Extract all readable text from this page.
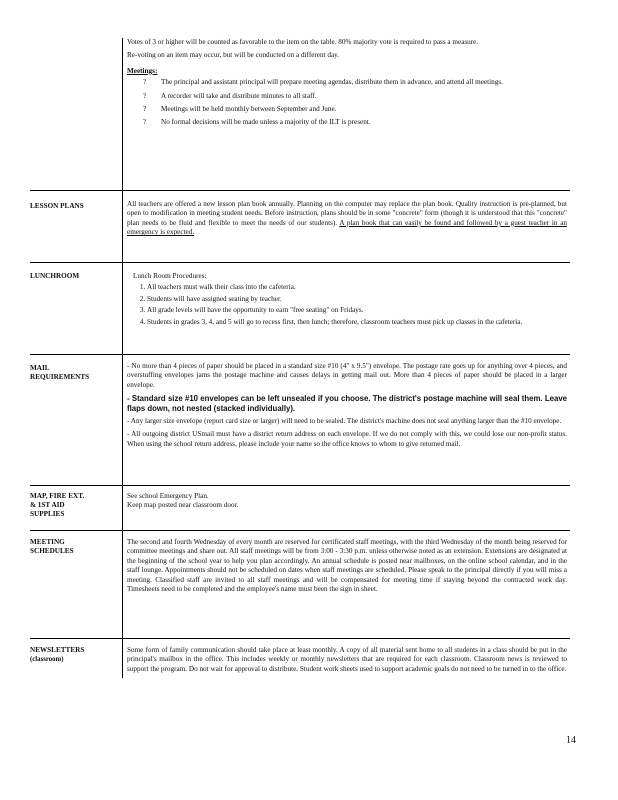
Votes of 3 or higher will be counted as favorable to the item on the table. 80% majority vote is required to pass a measure.

Re-voting on an item may occur, but will be conducted on a different day.

Meetings:
? The principal and assistant principal will prepare meeting agendas, distribute them in advance, and attend all meetings.
? A recorder will take and distribute minutes to all staff.
? Meetings will be held monthly between September and June.
? No formal decisions will be made unless a majority of the ILT is present.
LESSON PLANS	All teachers are offered a new lesson plan book annually. Planning on the computer may replace the plan book. Quality instruction is pre-planned, but open to modification in meeting student needs. Before instruction, plans should be in some "concrete" form (though it is understood that this "concrete" plan needs to be fluid and flexible to meet the needs of our students). A plan book that can easily be found and followed by a guest teacher in an emergency is expected.

LUNCHROOM	Lunch Room Procedures:
1. All teachers must walk their class into the cafeteria.
2. Students will have assigned seating by teacher.
3. All grade levels will have the opportunity to earn "free seating" on Fridays.
4. Students in grades 3, 4, and 5 will go to recess first, then lunch; therefore, classroom teachers must pick up classes in the cafeteria.
MAIL
REQUIREMENTS

- No more than 4 pieces of paper should be placed in a standard size #10 (4" x 9.5") envelope. The postage rate goes up for anything over 4 pieces, and overstuffing envelopes jams the postage machine and causes delays in getting mail out. More than 4 pieces of paper should be placed in a larger envelope.

- Standard size #10 envelopes can be left unsealed if you choose. The district's postage machine will seal them. Leave flaps down, not nested (stacked individually).

- Any larger size envelope (report card size or larger) will need to be sealed. The district's machine does not seal anything larger than the #10 envelope.

- All outgoing district USmail must have a district return address on each envelope. If we do not comply with this, we could lose our non-profit status. When using the school return address, please include your name so the office knows to whom to give returned mail.

MAP, FIRE EXT.
& 1ST AID
SUPPLIES
See school Emergency Plan.
Keep map posted near classroom door.
MEETING
SCHEDULES

The second and fourth Wednesday of every month are reserved for certificated staff meetings, with the third Wednesday of the month being reserved for committee meetings and share out. All staff meetings will be from 3:00 - 3:30 p.m. unless otherwise noted as an extension. Extensions are designated at the beginning of the school year to help you plan accordingly. An annual schedule is posted near mailboxes, on the online school calendar, and in the staff lounge. Appointments should not be scheduled on dates when staff meetings are scheduled. Please speak to the principal directly if you will miss a meeting. Classified staff are invited to all staff meetings and will be compensated for meeting time if staying beyond the contracted work day. Timesheets need to be completed and the employee's name must been the sign in sheet.

NEWSLETTERS
(classroom)

Some form of family communication should take place at least monthly. A copy of all material sent home to all students in a class should be put in the principal's mailbox in the office. This includes weekly or monthly newsletters that are required for each classroom. Classroom news is reviewed to support the program. Do not wait for approval to distribute. Student work sheets used to support academic goals do not need to be turned in to the office.

14
